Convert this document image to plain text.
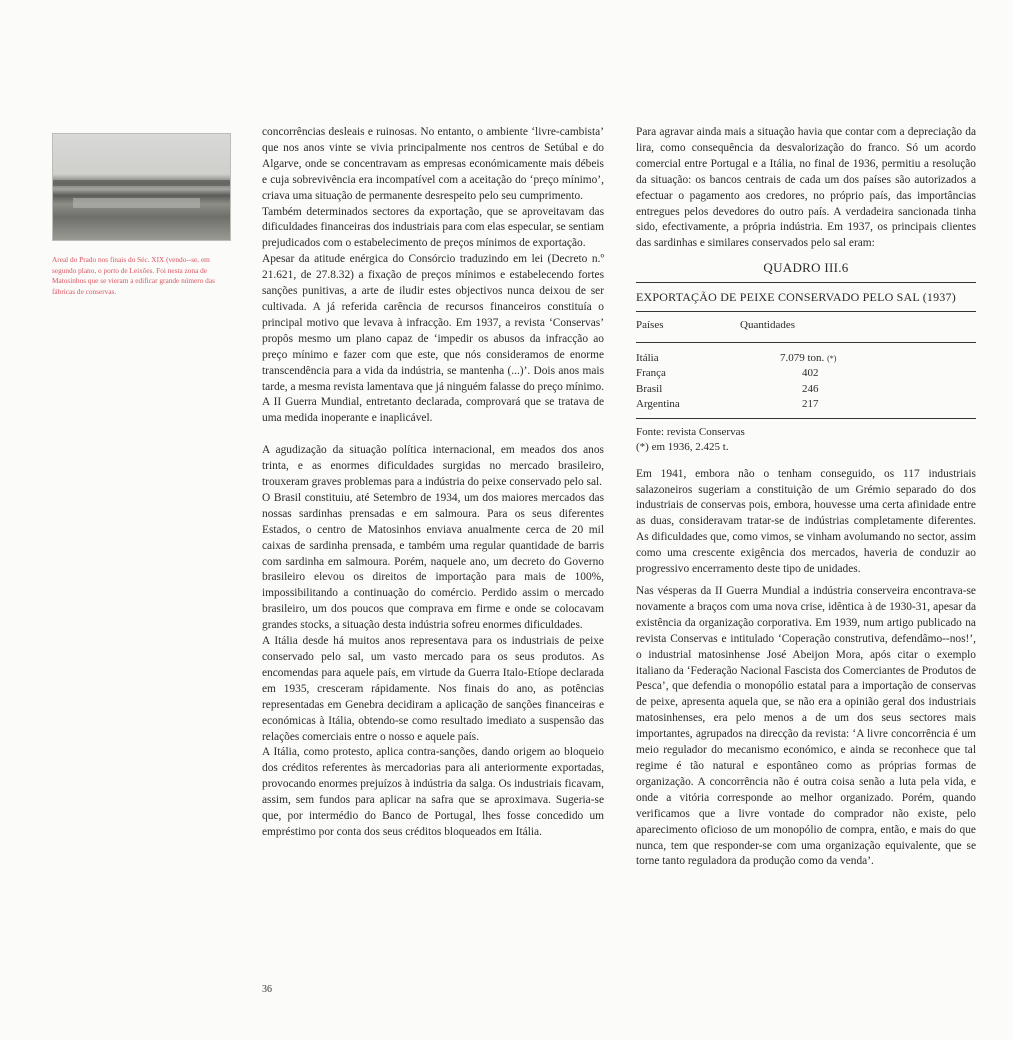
Areal do Prado nos finais do Séc. XIX (vendo--se, em segundo plano, o porto de Leixões. Foi nesta zona de Matosinhos que se vieram a edificar grande número das fábricas de conservas.

concorrências desleais e ruinosas. No entanto, o ambiente ‘livre-cambista’ que nos anos vinte se vivia principalmente nos centros de Setúbal e do Algarve, onde se concentravam as empresas económicamente mais débeis e cuja sobrevivência era incompatível com a aceitação do ‘preço mínimo’, criava uma situação de permanente desrespeito pelo seu cumprimento.

Também determinados sectores da exportação, que se aproveitavam das dificuldades financeiras dos industriais para com elas especular, se sentiam prejudicados com o estabelecimento de preços mínimos de exportação.

Apesar da atitude enérgica do Consórcio traduzindo em lei (Decreto n.º 21.621, de 27.8.32) a fixação de preços mínimos e estabelecendo fortes sanções punitivas, a arte de iludir estes objectivos nunca deixou de ser cultivada. A já referida carência de recursos financeiros constituía o principal motivo que levava à infracção. Em 1937, a revista ‘Conservas’ propôs mesmo um plano capaz de ‘impedir os abusos da infracção ao preço mínimo e fazer com que este, que nós consideramos de enorme transcendência para a vida da indústria, se mantenha (...)’. Dois anos mais tarde, a mesma revista lamentava que já ninguém falasse do preço mínimo. A II Guerra Mundial, entretanto declarada, comprovará que se tratava de uma medida inoperante e inaplicável.

A agudização da situação política internacional, em meados dos anos trinta, e as enormes dificuldades surgidas no mercado brasileiro, trouxeram graves problemas para a indústria do peixe conservado pelo sal.

O Brasil constituiu, até Setembro de 1934, um dos maiores mercados das nossas sardinhas prensadas e em salmoura. Para os seus diferentes Estados, o centro de Matosinhos enviava anualmente cerca de 20 mil caixas de sardinha prensada, e também uma regular quantidade de barris com sardinha em salmoura. Porém, naquele ano, um decreto do Governo brasileiro elevou os direitos de importação para mais de 100%, impossibilitando a continuação do comércio. Perdido assim o mercado brasileiro, um dos poucos que comprava em firme e onde se colocavam grandes stocks, a situação desta indústria sofreu enormes dificuldades.

A Itália desde há muitos anos representava para os industriais de peixe conservado pelo sal, um vasto mercado para os seus produtos. As encomendas para aquele país, em virtude da Guerra Italo-Etíope declarada em 1935, cresceram rápidamente. Nos finais do ano, as potências representadas em Genebra decidiram a aplicação de sanções financeiras e económicas à Itália, obtendo-se como resultado imediato a suspensão das relações comerciais entre o nosso e aquele país.

A Itália, como protesto, aplica contra-sanções, dando origem ao bloqueio dos créditos referentes às mercadorias para ali anteriormente exportadas, provocando enormes prejuízos à indústria da salga. Os industriais ficavam, assim, sem fundos para aplicar na safra que se aproximava. Sugeria-se que, por intermédio do Banco de Portugal, lhes fosse concedido um empréstimo por conta dos seus créditos bloqueados em Itália.

Para agravar ainda mais a situação havia que contar com a depreciação da lira, como consequência da desvalorização do franco. Só um acordo comercial entre Portugal e a Itália, no final de 1936, permitiu a resolução da situação: os bancos centrais de cada um dos países são autorizados a efectuar o pagamento aos credores, no próprio país, das importâncias entregues pelos devedores do outro país. A verdadeira sancionada tinha sido, efectivamente, a própria indústria. Em 1937, os principais clientes das sardinhas e similares conservados pelo sal eram:

QUADRO III.6
EXPORTAÇÃO DE PEIXE CONSERVADO PELO SAL (1937)
Países	Quantidades

Itália	7.079 ton. (*)
França	402
Brasil	246
Argentina	217

Fonte: revista Conservas
(*) em 1936, 2.425 t.

Em 1941, embora não o tenham conseguido, os 117 industriais salazoneiros sugeriam a constituição de um Grémio separado do dos industriais de conservas pois, embora, houvesse uma certa afinidade entre as duas, consideravam tratar-se de indústrias completamente diferentes. As dificuldades que, como vimos, se vinham avolumando no sector, assim como uma crescente exigência dos mercados, haveria de conduzir ao progressivo encerramento deste tipo de unidades.

Nas vésperas da II Guerra Mundial a indústria conserveira encontrava-se novamente a braços com uma nova crise, idêntica à de 1930-31, apesar da existência da organização corporativa. Em 1939, num artigo publicado na revista Conservas e intitulado ‘Coperação construtiva, defendâmo--nos!’, o industrial matosinhense José Abeijon Mora, após citar o exemplo italiano da ‘Federação Nacional Fascista dos Comerciantes de Produtos de Pesca’, que defendia o monopólio estatal para a importação de conservas de peixe, apresenta aquela que, se não era a opinião geral dos industriais matosinhenses, era pelo menos a de um dos seus sectores mais importantes, agrupados na direcção da revista: ‘A livre concorrência é um meio regulador do mecanismo económico, e ainda se reconhece que tal regime é tão natural e espontâneo como as próprias formas de organização. A concorrência não é outra coisa senão a luta pela vida, e onde a vitória corresponde ao melhor organizado. Porém, quando verificamos que a livre vontade do comprador não existe, pelo aparecimento oficioso de um monopólio de compra, então, e mais do que nunca, tem que responder-se com uma organização equivalente, que se torne tanto reguladora da produção como da venda’.

36
